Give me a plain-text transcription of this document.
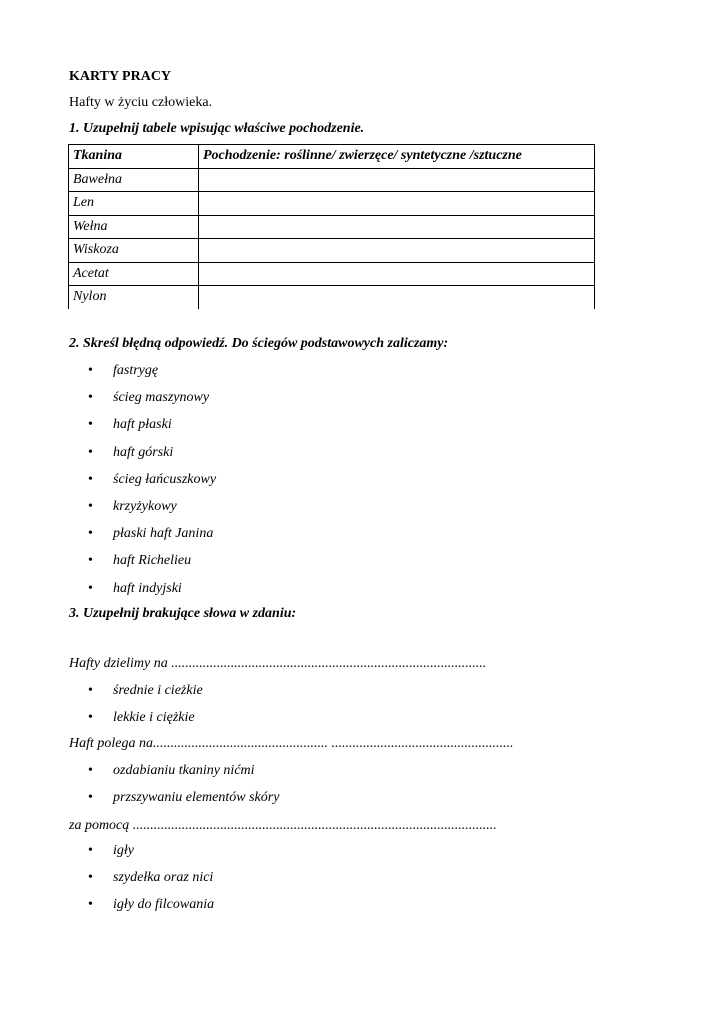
KARTY PRACY
Hafty w życiu człowieka.
1. Uzupełnij tabele wpisując właściwe pochodzenie.
Tkanina	Pochodzenie: roślinne/ zwierzęce/ syntetyczne /sztuczne
Bawełna	
Len	
Wełna	
Wiskoza	
Acetat	
Nylon	
2. Skreśl błędną odpowiedź. Do ściegów podstawowych zaliczamy:
• fastrygę
• ścieg maszynowy
• haft płaski
• haft górski
• ścieg łańcuszkowy
• krzyżykowy
• płaski haft Janina
• haft Richelieu
• haft indyjski
3. Uzupełnij brakujące słowa w zdaniu:
Hafty dzielimy na ..........................................................................................
• średnie i cieżkie
• lekkie i ciężkie
Haft polega na.................................................. ....................................................
• ozdabianiu tkaniny nićmi
• przszywaniu elementów skóry
za pomocą ........................................................................................................
• igły
• szydełka oraz nici
• igły do filcowania
